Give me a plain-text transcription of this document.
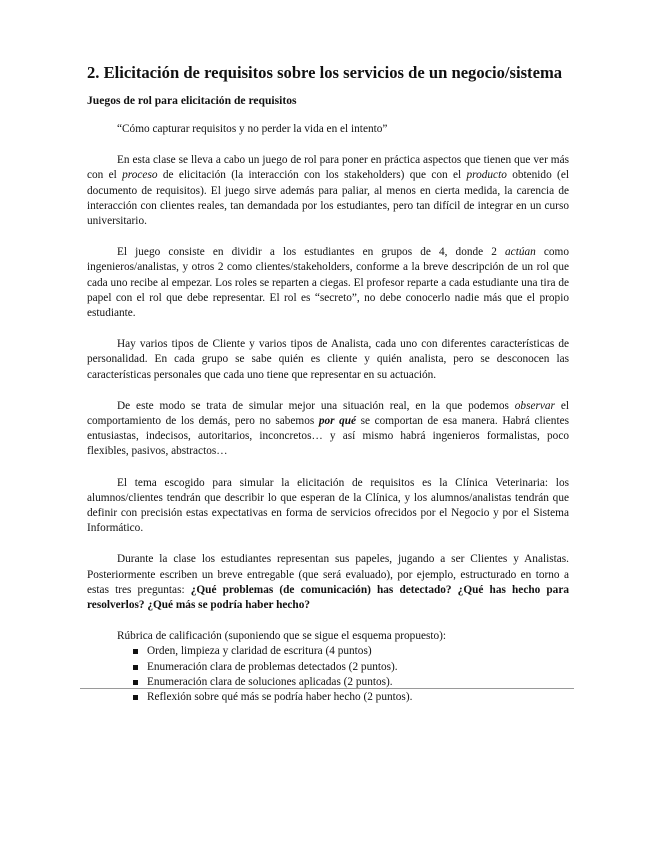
2. Elicitación de requisitos sobre los servicios de un negocio/sistema
Juegos de rol para elicitación de requisitos

“Cómo capturar requisitos y no perder la vida en el intento”

En esta clase se lleva a cabo un juego de rol para poner en práctica aspectos que tienen que ver más con el proceso de elicitación (la interacción con los stakeholders) que con el producto obtenido (el documento de requisitos). El juego sirve además para paliar, al menos en cierta medida, la carencia de interacción con clientes reales, tan demandada por los estudiantes, pero tan difícil de integrar en un curso universitario.

El juego consiste en dividir a los estudiantes en grupos de 4, donde 2 actúan como ingenieros/analistas, y otros 2 como clientes/stakeholders, conforme a la breve descripción de un rol que cada uno recibe al empezar. Los roles se reparten a ciegas. El profesor reparte a cada estudiante una tira de papel con el rol que debe representar. El rol es “secreto”, no debe conocerlo nadie más que el propio estudiante.

Hay varios tipos de Cliente y varios tipos de Analista, cada uno con diferentes características de personalidad. En cada grupo se sabe quién es cliente y quién analista, pero se desconocen las características personales que cada uno tiene que representar en su actuación.

De este modo se trata de simular mejor una situación real, en la que podemos observar el comportamiento de los demás, pero no sabemos por qué se comportan de esa manera. Habrá clientes entusiastas, indecisos, autoritarios, inconcretos… y así mismo habrá ingenieros formalistas, poco flexibles, pasivos, abstractos…

El tema escogido para simular la elicitación de requisitos es la Clínica Veterinaria: los alumnos/clientes tendrán que describir lo que esperan de la Clínica, y los alumnos/analistas tendrán que definir con precisión estas expectativas en forma de servicios ofrecidos por el Negocio y por el Sistema Informático.

Durante la clase los estudiantes representan sus papeles, jugando a ser Clientes y Analistas. Posteriormente escriben un breve entregable (que será evaluado), por ejemplo, estructurado en torno a estas tres preguntas: ¿Qué problemas (de comunicación) has detectado? ¿Qué has hecho para resolverlos? ¿Qué más se podría haber hecho?

Rúbrica de calificación (suponiendo que se sigue el esquema propuesto):
Orden, limpieza y claridad de escritura (4 puntos)
Enumeración clara de problemas detectados (2 puntos).
Enumeración clara de soluciones aplicadas (2 puntos).
Reflexión sobre qué más se podría haber hecho (2 puntos).
